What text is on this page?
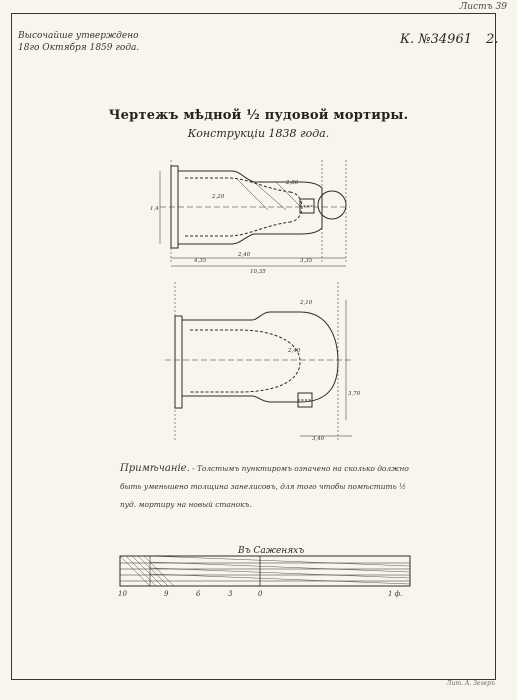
Листъ 39
Высочайше утверждено
18го Октября 1859 года.
К. №34961 2.
Чертежъ мѣдной ½ пудовой мортиры.
Конструкціи 1838 года.
10,35
4,35	3,35
2,20
2,40
2,80
1,4
3,40
3,70
2,40
2,10
Примѣчаніе. - Толстымъ пунктиромъ означено на сколько должно быть уменьшено толщина занелисовъ, для того чтобы помѣстить ½ пуд. мортиру на новый станокъ.
Въ Саженяхъ
10	9	6	3	0	1 ф.
Лит. А. Зегеръ
